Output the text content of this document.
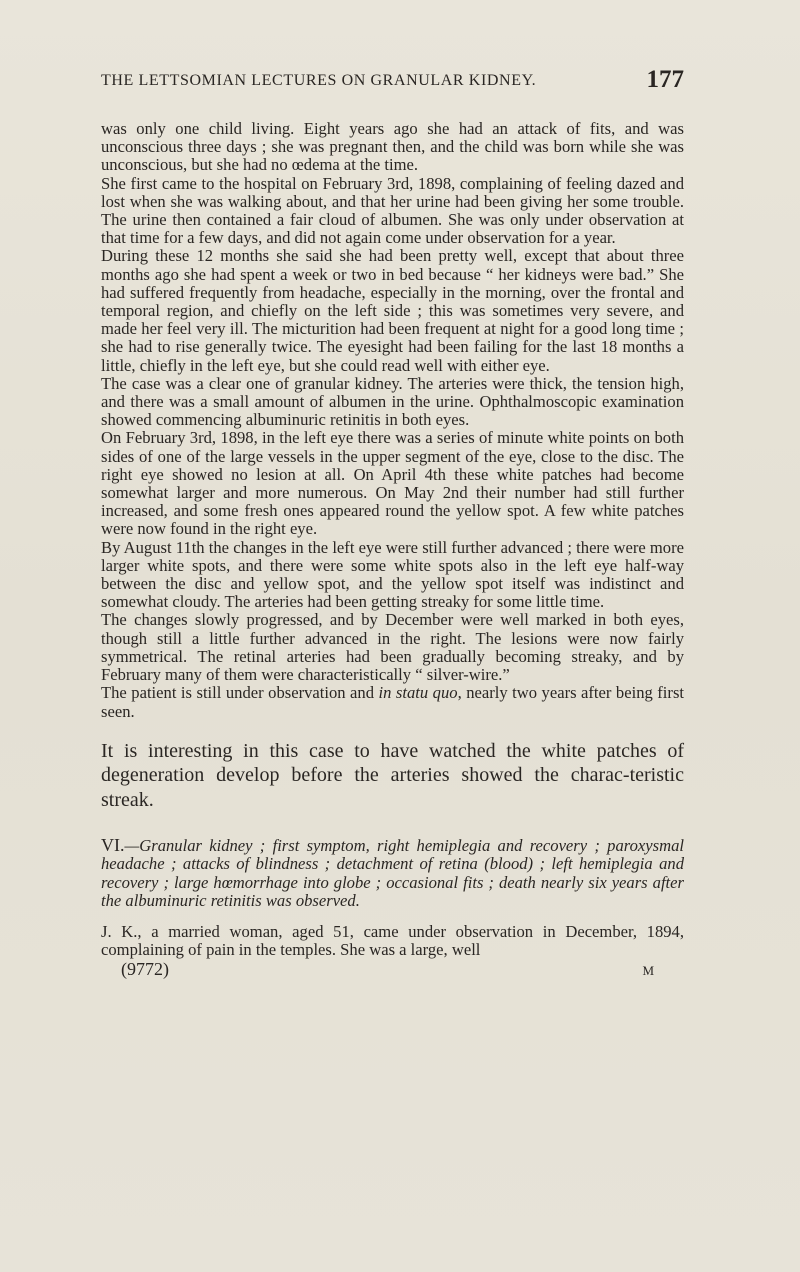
THE LETTSOMIAN LECTURES ON GRANULAR KIDNEY.	177

was only one child living. Eight years ago she had an attack of fits, and was unconscious three days ; she was pregnant then, and the child was born while she was unconscious, but she had no œdema at the time.

She first came to the hospital on February 3rd, 1898, complaining of feeling dazed and lost when she was walking about, and that her urine had been giving her some trouble. The urine then contained a fair cloud of albumen. She was only under observation at that time for a few days, and did not again come under observation for a year.

During these 12 months she said she had been pretty well, except that about three months ago she had spent a week or two in bed because “ her kidneys were bad.” She had suffered frequently from headache, especially in the morning, over the frontal and temporal region, and chiefly on the left side ; this was sometimes very severe, and made her feel very ill. The micturition had been frequent at night for a good long time ; she had to rise generally twice. The eyesight had been failing for the last 18 months a little, chiefly in the left eye, but she could read well with either eye.

The case was a clear one of granular kidney. The arteries were thick, the tension high, and there was a small amount of albumen in the urine. Ophthalmoscopic examination showed commencing albuminuric retinitis in both eyes.

On February 3rd, 1898, in the left eye there was a series of minute white points on both sides of one of the large vessels in the upper segment of the eye, close to the disc. The right eye showed no lesion at all. On April 4th these white patches had become somewhat larger and more numerous. On May 2nd their number had still further increased, and some fresh ones appeared round the yellow spot. A few white patches were now found in the right eye.

By August 11th the changes in the left eye were still further advanced ; there were more larger white spots, and there were some white spots also in the left eye half-way between the disc and yellow spot, and the yellow spot itself was indistinct and somewhat cloudy. The arteries had been getting streaky for some little time.

The changes slowly progressed, and by December were well marked in both eyes, though still a little further advanced in the right. The lesions were now fairly symmetrical. The retinal arteries had been gradually becoming streaky, and by February many of them were characteristically “ silver-wire.”

The patient is still under observation and in statu quo, nearly two years after being first seen.

It is interesting in this case to have watched the white patches of degeneration develop before the arteries showed the charac-teristic streak.

VI.—Granular kidney ; first symptom, right hemiplegia and recovery ; paroxysmal headache ; attacks of blindness ; detachment of retina (blood) ; left hemiplegia and recovery ; large hœmorrhage into globe ; occasional fits ; death nearly six years after the albuminuric retinitis was observed.

J. K., a married woman, aged 51, came under observation in December, 1894, complaining of pain in the temples. She was a large, well

(9772)	M
